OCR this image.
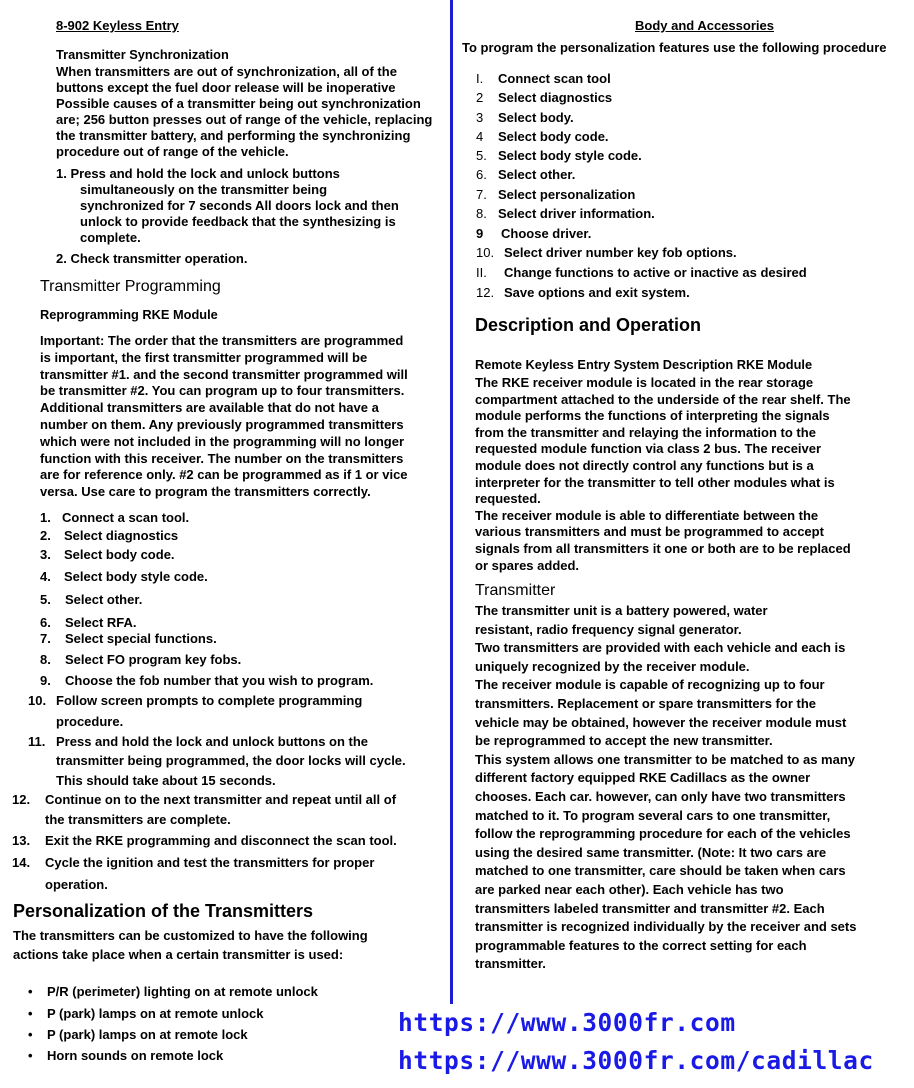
8-902 Keyless Entry
Transmitter Synchronization
When transmitters are out of synchronization, all of the
buttons except the fuel door release will be inoperative
Possible causes of a transmitter being out synchronization
are; 256 button presses out of range of the vehicle, replacing
the transmitter battery, and performing the synchronizing
procedure out of range of the vehicle.
1. Press and hold the lock and unlock buttons
simultaneously on the transmitter being
synchronized for 7 seconds All doors lock and then
unlock to provide feedback that the synthesizing is
complete.
2. Check transmitter operation.
Transmitter Programming
Reprogramming RKE Module
Important: The order that the transmitters are programmed
is important, the first transmitter programmed will be
transmitter #1. and the second transmitter programmed will
be transmitter #2. You can program up to four transmitters.
Additional transmitters are available that do not have a
number on them. Any previously programmed transmitters
which were not included in the programming will no longer
function with this receiver. The number on the transmitters
are for reference only. #2 can be programmed as if 1 or vice
versa. Use care to program the transmitters correctly.
1. Connect a scan tool.
2. Select diagnostics
3. Select body code.
4. Select body style code.
5. Select other.
6. Select RFA.
7. Select special functions.
8. Select FO program key fobs.
9. Choose the fob number that you wish to program.
10. Follow screen prompts to complete programming
procedure.
11. Press and hold the lock and unlock buttons on the
transmitter being programmed, the door locks will cycle.
This should take about 15 seconds.
12. Continue on to the next transmitter and repeat until all of
the transmitters are complete.
13. Exit the RKE programming and disconnect the scan tool.
14. Cycle the ignition and test the transmitters for proper
operation.
Personalization of the Transmitters
The transmitters can be customized to have the following
actions take place when a certain transmitter is used:
• P/R (perimeter) lighting on at remote unlock
• P (park) lamps on at remote unlock
• P (park) lamps on at remote lock
• Horn sounds on remote lock
Body and Accessories
To program the personalization features use the following procedure
I. Connect scan tool
2 Select diagnostics
3 Select body.
4 Select body code.
5. Select body style code.
6. Select other.
7. Select personalization
8. Select driver information.
9 Choose driver.
10. Select driver number key fob options.
II. Change functions to active or inactive as desired
12. Save options and exit system.
Description and Operation
Remote Keyless Entry System Description RKE Module
The RKE receiver module is located in the rear storage
compartment attached to the underside of the rear shelf. The
module performs the functions of interpreting the signals
from the transmitter and relaying the information to the
requested module function via class 2 bus. The receiver
module does not directly control any functions but is a
interpreter for the transmitter to tell other modules what is
requested.
The receiver module is able to differentiate between the
various transmitters and must be programmed to accept
signals from all transmitters it one or both are to be replaced
or spares added.
Transmitter
The transmitter unit is a battery powered, water
resistant, radio frequency signal generator.
Two transmitters are provided with each vehicle and each is
uniquely recognized by the receiver module.
The receiver module is capable of recognizing up to four
transmitters. Replacement or spare transmitters for the
vehicle may be obtained, however the receiver module must
be reprogrammed to accept the new transmitter.
This system allows one transmitter to be matched to as many
different factory equipped RKE Cadillacs as the owner
chooses. Each car. however, can only have two transmitters
matched to it. To program several cars to one transmitter,
follow the reprogramming procedure for each of the vehicles
using the desired same transmitter. (Note: It two cars are
matched to one transmitter, care should be taken when cars
are parked near each other). Each vehicle has two
transmitters labeled transmitter and transmitter #2. Each
transmitter is recognized individually by the receiver and sets
programmable features to the correct setting for each
transmitter.
https://www.3000fr.com
https://www.3000fr.com/cadillac
